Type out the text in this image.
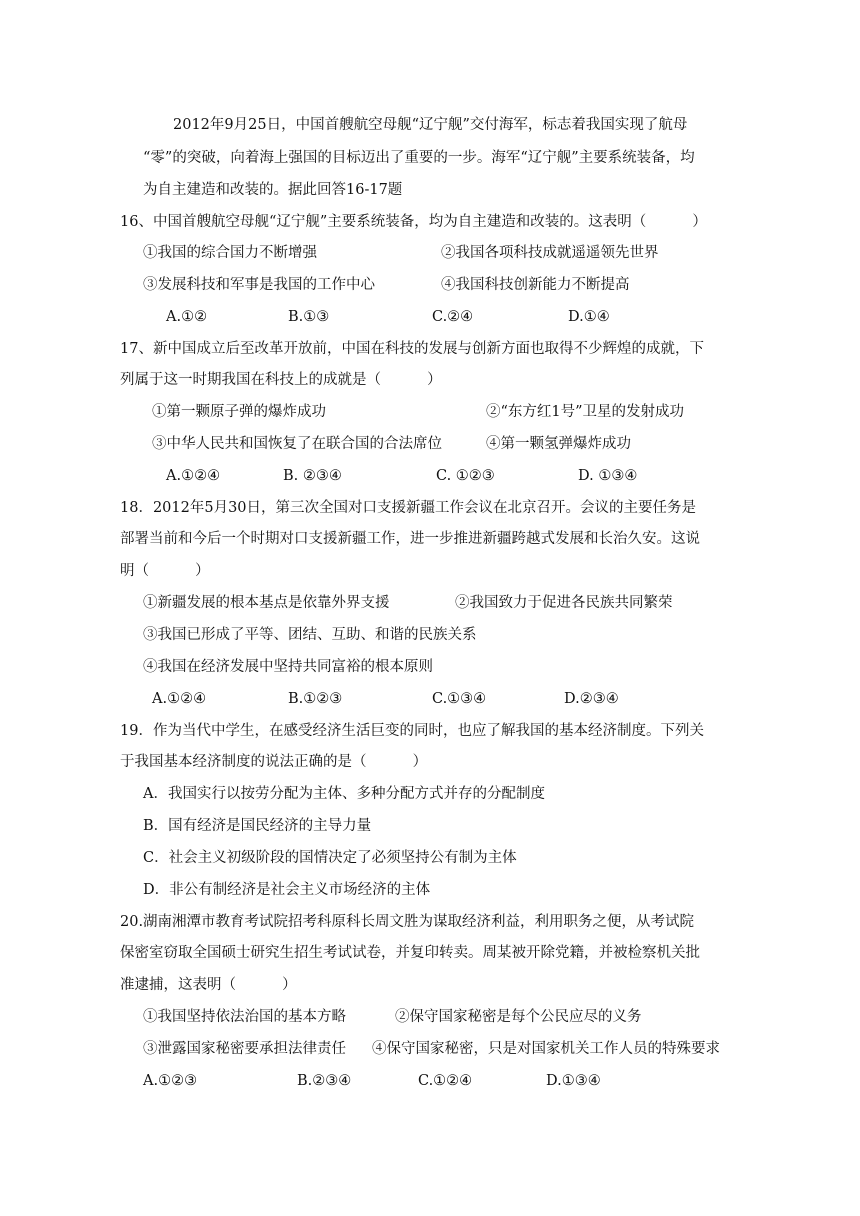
2012年9月25日，中国首艘航空母舰“辽宁舰”交付海军，标志着我国实现了航母
“零”的突破，向着海上强国的目标迈出了重要的一步。海军“辽宁舰”主要系统装备，均
为自主建造和改装的。据此回答16-17题
16、中国首艘航空母舰“辽宁舰”主要系统装备，均为自主建造和改装的。这表明（          ）
①我国的综合国力不断增强	②我国各项科技成就遥遥领先世界
③发展科技和军事是我国的工作中心	④我国科技创新能力不断提高
A.①②	B.①③	C.②④	D.①④
17、新中国成立后至改革开放前，中国在科技的发展与创新方面也取得不少辉煌的成就，下
列属于这一时期我国在科技上的成就是（          ）
①第一颗原子弹的爆炸成功	②“东方红1号”卫星的发射成功
③中华人民共和国恢复了在联合国的合法席位	④第一颗氢弹爆炸成功
A.①②④	B. ②③④	C. ①②③	D. ①③④
18．2012年5月30日，第三次全国对口支援新疆工作会议在北京召开。会议的主要任务是
部署当前和今后一个时期对口支援新疆工作，进一步推进新疆跨越式发展和长治久安。这说
明（          ）
①新疆发展的根本基点是依靠外界支援	②我国致力于促进各民族共同繁荣
③我国已形成了平等、团结、互助、和谐的民族关系
④我国在经济发展中坚持共同富裕的根本原则
A.①②④	B.①②③	C.①③④	D.②③④
19．作为当代中学生，在感受经济生活巨变的同时，也应了解我国的基本经济制度。下列关
于我国基本经济制度的说法正确的是（          ）
A．我国实行以按劳分配为主体、多种分配方式并存的分配制度
B．国有经济是国民经济的主导力量
C．社会主义初级阶段的国情决定了必须坚持公有制为主体
D．非公有制经济是社会主义市场经济的主体
20.湖南湘潭市教育考试院招考科原科长周文胜为谋取经济利益，利用职务之便，从考试院
保密室窃取全国硕士研究生招生考试试卷，并复印转卖。周某被开除党籍，并被检察机关批
准逮捕，这表明（          ）
①我国坚持依法治国的基本方略	②保守国家秘密是每个公民应尽的义务
③泄露国家秘密要承担法律责任 ④保守国家秘密，只是对国家机关工作人员的特殊要求
A.①②③	B.②③④	C.①②④	D.①③④
